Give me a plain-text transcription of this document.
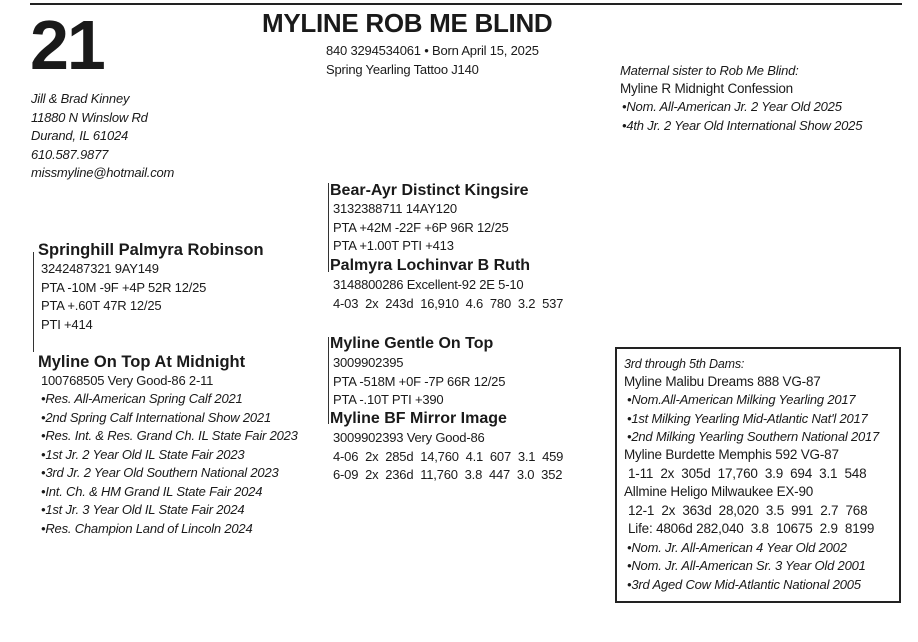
21	MYLINE ROB ME BLIND
840 3294534061 • Born April 15, 2025
Spring Yearling Tattoo J140
Jill & Brad Kinney
11880 N Winslow Rd
Durand, IL 61024
610.587.9877
missmyline@hotmail.com
Maternal sister to Rob Me Blind:
Myline R Midnight Confession
•Nom. All-American Jr. 2 Year Old 2025
•4th Jr. 2 Year Old International Show 2025
Bear-Ayr Distinct Kingsire
3132388711 14AY120
PTA +42M -22F +6P 96R 12/25
PTA +1.00T PTI +413
Palmyra Lochinvar B Ruth
3148800286 Excellent-92 2E 5-10
4-03 2x 243d 16,910 4.6 780 3.2 537
Springhill Palmyra Robinson
3242487321 9AY149
PTA -10M -9F +4P 52R 12/25
PTA +.60T 47R 12/25
PTI +414
Myline On Top At Midnight
100768505 Very Good-86 2-11
•Res. All-American Spring Calf 2021
•2nd Spring Calf International Show 2021
•Res. Int. & Res. Grand Ch. IL State Fair 2023
•1st Jr. 2 Year Old IL State Fair 2023
•3rd Jr. 2 Year Old Southern National 2023
•Int. Ch. & HM Grand IL State Fair 2024
•1st Jr. 3 Year Old IL State Fair 2024
•Res. Champion Land of Lincoln 2024
Myline Gentle On Top
3009902395
PTA -518M +0F -7P 66R 12/25
PTA -.10T PTI +390
Myline BF Mirror Image
3009902393 Very Good-86
4-06 2x 285d 14,760 4.1 607 3.1 459
6-09 2x 236d 11,760 3.8 447 3.0 352
3rd through 5th Dams:
Myline Malibu Dreams 888 VG-87
•Nom.All-American Milking Yearling 2017
•1st Milking Yearling Mid-Atlantic Nat'l 2017
•2nd Milking Yearling Southern National 2017
Myline Burdette Memphis 592 VG-87
1-11 2x 305d 17,760 3.9 694 3.1 548
Allmine Heligo Milwaukee EX-90
12-1 2x 363d 28,020 3.5 991 2.7 768
Life: 4806d 282,040 3.8 10675 2.9 8199
•Nom. Jr. All-American 4 Year Old 2002
•Nom. Jr. All-American Sr. 3 Year Old 2001
•3rd Aged Cow Mid-Atlantic National 2005
